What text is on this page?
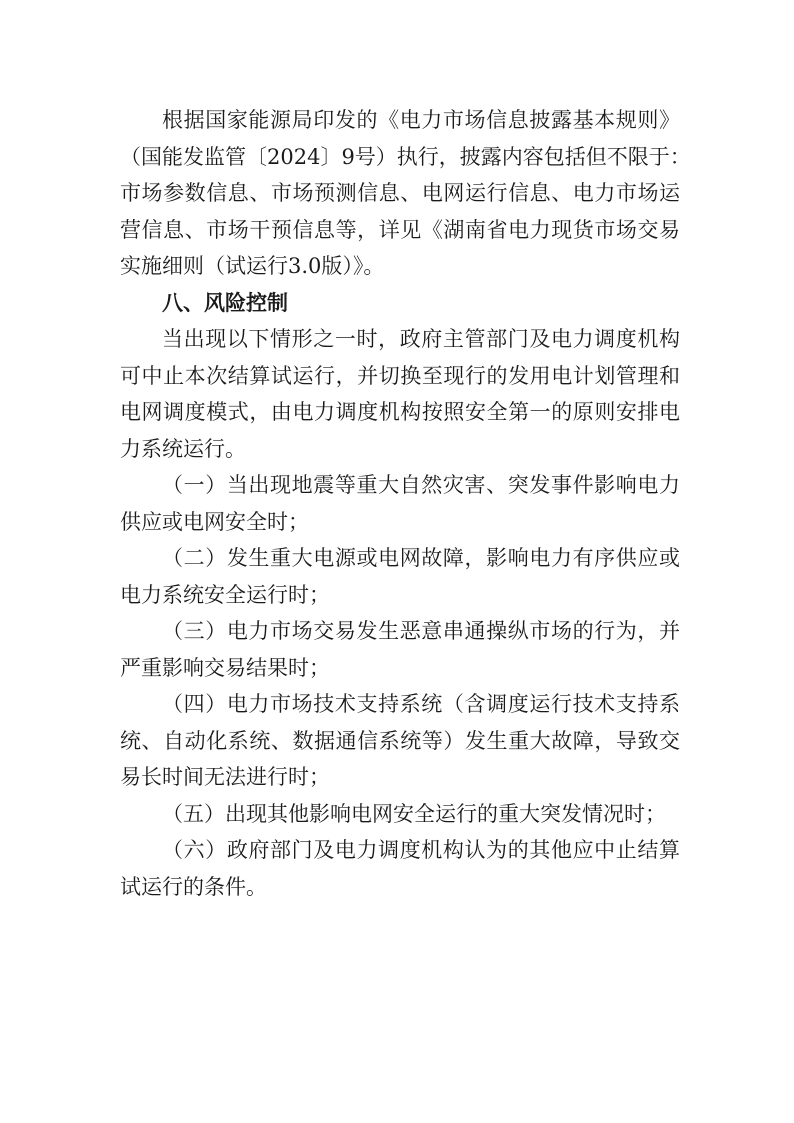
根据国家能源局印发的《电力市场信息披露基本规则》
（国能发监管〔2024〕9号）执行，披露内容包括但不限于：
市场参数信息、市场预测信息、电网运行信息、电力市场运
营信息、市场干预信息等，详见《湖南省电力现货市场交易
实施细则（试运行3.0版）》。
八、风险控制
当出现以下情形之一时，政府主管部门及电力调度机构
可中止本次结算试运行，并切换至现行的发用电计划管理和
电网调度模式，由电力调度机构按照安全第一的原则安排电
力系统运行。
（一）当出现地震等重大自然灾害、突发事件影响电力
供应或电网安全时；
（二）发生重大电源或电网故障，影响电力有序供应或
电力系统安全运行时；
（三）电力市场交易发生恶意串通操纵市场的行为，并
严重影响交易结果时；
（四）电力市场技术支持系统（含调度运行技术支持系
统、自动化系统、数据通信系统等）发生重大故障，导致交
易长时间无法进行时；
（五）出现其他影响电网安全运行的重大突发情况时；
（六）政府部门及电力调度机构认为的其他应中止结算
试运行的条件。
